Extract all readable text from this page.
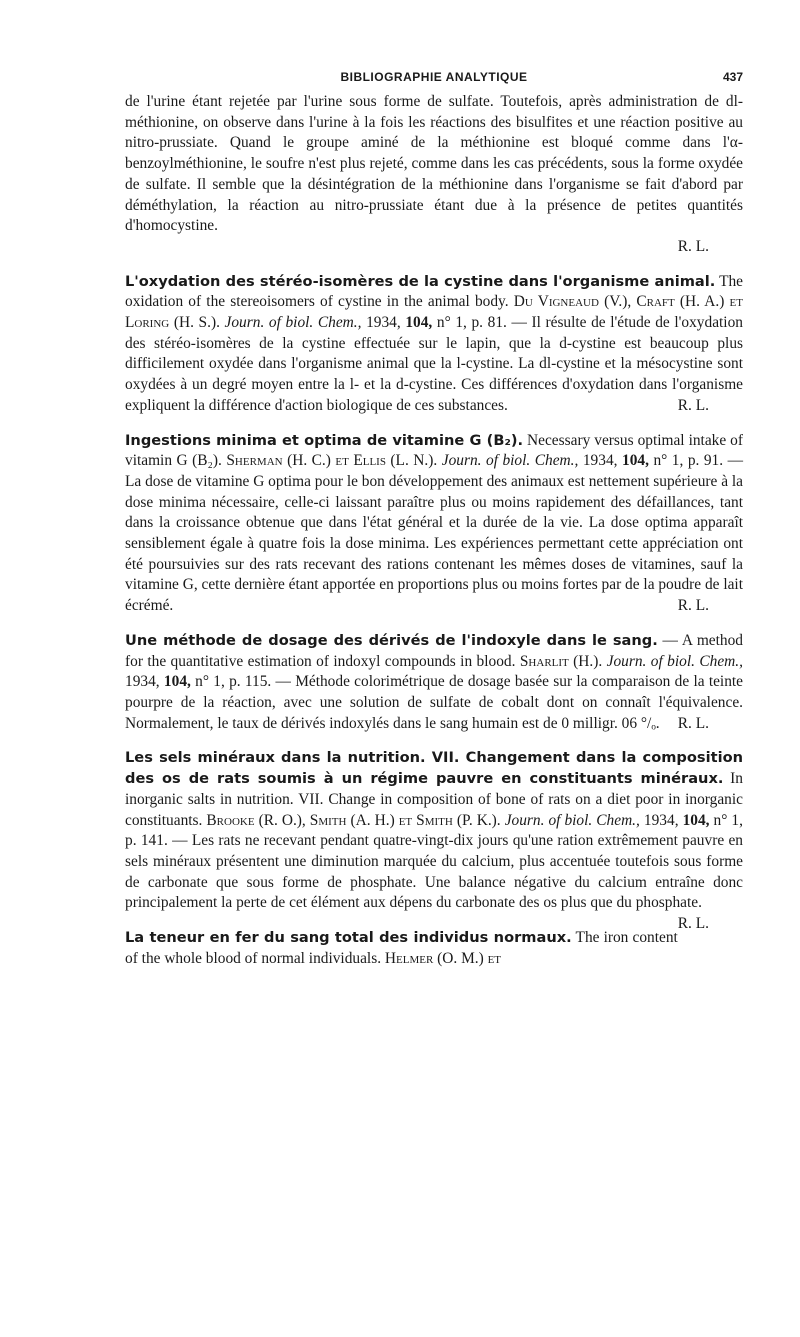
BIBLIOGRAPHIE ANALYTIQUE	437

de l'urine étant rejetée par l'urine sous forme de sulfate. Toutefois, après administration de dl-méthionine, on observe dans l'urine à la fois les réactions des bisulfites et une réaction positive au nitro-prussiate. Quand le groupe aminé de la méthionine est bloqué comme dans l'α-benzoylméthionine, le soufre n'est plus rejeté, comme dans les cas précédents, sous la forme oxydée de sulfate. Il semble que la désintégration de la méthionine dans l'organisme se fait d'abord par déméthylation, la réaction au nitro-prussiate étant due à la présence de petites quantités d'homocystine.

R. L.

L'oxydation des stéréo-isomères de la cystine dans l'organisme animal. The oxidation of the stereoisomers of cystine in the animal body. Du Vigneaud (V.), Craft (H. A.) et Loring (H. S.). Journ. of biol. Chem., 1934, 104, n° 1, p. 81. — Il résulte de l'étude de l'oxydation des stéréo-isomères de la cystine effectuée sur le lapin, que la d-cystine est beaucoup plus difficilement oxydée dans l'organisme animal que la l-cystine. La dl-cystine et la mésocystine sont oxydées à un degré moyen entre la l- et la d-cystine. Ces différences d'oxydation dans l'organisme expliquent la différence d'action biologique de ces substances.	R. L.

Ingestions minima et optima de vitamine G (B₂). Necessary versus optimal intake of vitamin G (B₂). Sherman (H. C.) et Ellis (L. N.). Journ. of biol. Chem., 1934, 104, n° 1, p. 91. — La dose de vitamine G optima pour le bon développement des animaux est nettement supérieure à la dose minima nécessaire, celle-ci laissant paraître plus ou moins rapidement des défaillances, tant dans la croissance obtenue que dans l'état général et la durée de la vie. La dose optima apparaît sensiblement égale à quatre fois la dose minima. Les expériences permettant cette appréciation ont été poursuivies sur des rats recevant des rations contenant les mêmes doses de vitamines, sauf la vitamine G, cette dernière étant apportée en proportions plus ou moins fortes par de la poudre de lait écrémé.	R. L.

Une méthode de dosage des dérivés de l'indoxyle dans le sang. — A method for the quantitative estimation of indoxyl compounds in blood. Sharlit (H.). Journ. of biol. Chem., 1934, 104, n° 1, p. 115. — Méthode colorimétrique de dosage basée sur la comparaison de la teinte pourpre de la réaction, avec une solution de sulfate de cobalt dont on connaît l'équivalence. Normalement, le taux de dérivés indoxylés dans le sang humain est de 0 milligr. 06 °/ₒ. R. L.

Les sels minéraux dans la nutrition. VII. Changement dans la composition des os de rats soumis à un régime pauvre en constituants minéraux. In inorganic salts in nutrition. VII. Change in composition of bone of rats on a diet poor in inorganic constituants. Brooke (R. O.), Smith (A. H.) et Smith (P. K.). Journ. of biol. Chem., 1934, 104, n° 1, p. 141. — Les rats ne recevant pendant quatre-vingt-dix jours qu'une ration extrêmement pauvre en sels minéraux présentent une diminution marquée du calcium, plus accentuée toutefois sous forme de carbonate que sous forme de phosphate. Une balance négative du calcium entraîne donc principalement la perte de cet élément aux dépens du carbonate des os plus que du phosphate.
R. L.

La teneur en fer du sang total des individus normaux. The iron content of the whole blood of normal individuals. Helmer (O. M.) et
